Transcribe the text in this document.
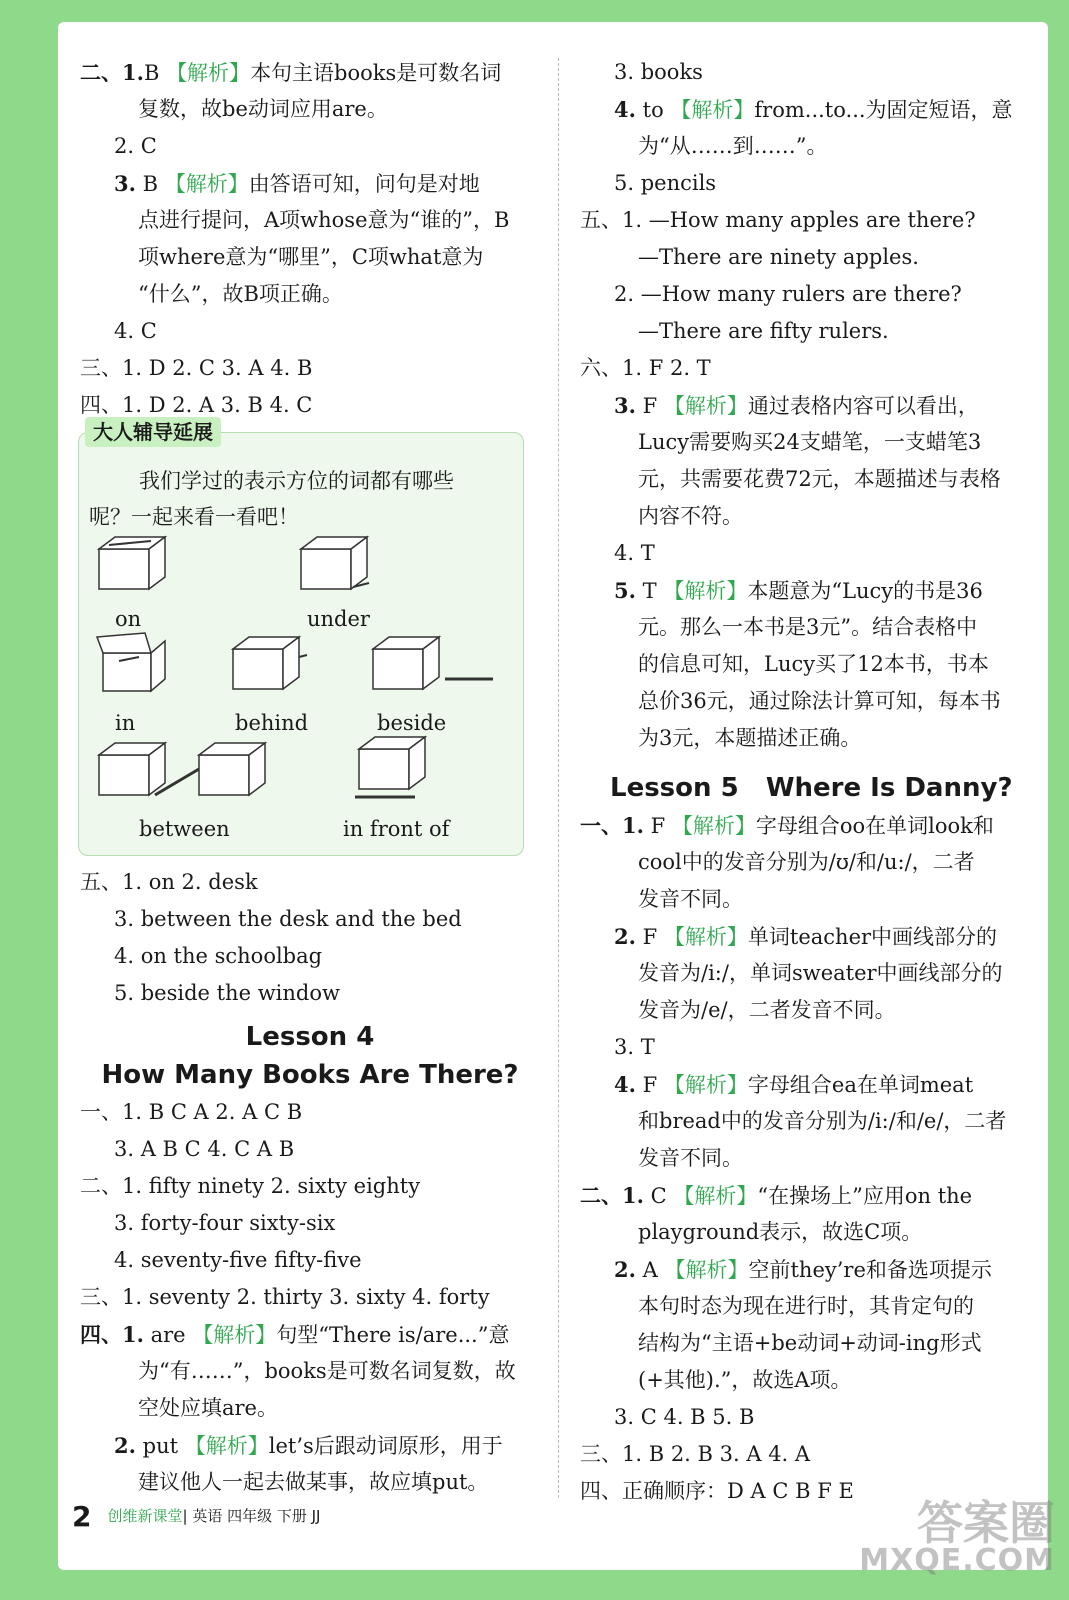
二、1.B 【解析】本句主语books是可数名词
复数，故be动词应用are。
2. C
3. B 【解析】由答语可知，问句是对地
点进行提问，A项whose意为“谁的”，B
项where意为“哪里”，C项what意为
“什么”，故B项正确。
4. C
三、1. D 2. C 3. A 4. B
四、1. D 2. A 3. B 4. C
大人辅导延展
我们学过的表示方位的词都有哪些
呢？一起来看一看吧！
on	under
in	behind	beside
between	in front of
五、1. on 2. desk
3. between the desk and the bed
4. on the schoolbag
5. beside the window
Lesson 4
How Many Books Are There?
一、1. B C A 2. A C B
3. A B C 4. C A B
二、1. fifty ninety 2. sixty eighty
3. forty-four sixty-six
4. seventy-five fifty-five
三、1. seventy 2. thirty 3. sixty 4. forty
四、1. are 【解析】句型“There is/are...”意
为“有……”，books是可数名词复数，故
空处应填are。
2. put 【解析】let’s后跟动词原形，用于
建议他人一起去做某事，故应填put。
3. books
4. to 【解析】from...to...为固定短语，意
为“从……到……”。
5. pencils
五、1. —How many apples are there?
—There are ninety apples.
2. —How many rulers are there?
—There are fifty rulers.
六、1. F 2. T
3. F 【解析】通过表格内容可以看出，
Lucy需要购买24支蜡笔，一支蜡笔3
元，共需要花费72元，本题描述与表格
内容不符。
4. T
5. T 【解析】本题意为“Lucy的书是36
元。那么一本书是3元”。结合表格中
的信息可知，Lucy买了12本书，书本
总价36元，通过除法计算可知，每本书
为3元，本题描述正确。
Lesson 5   Where Is Danny?
一、1. F 【解析】字母组合oo在单词look和
cool中的发音分别为/ʊ/和/u:/，二者
发音不同。
2. F 【解析】单词teacher中画线部分的
发音为/i:/，单词sweater中画线部分的
发音为/e/，二者发音不同。
3. T
4. F 【解析】字母组合ea在单词meat
和bread中的发音分别为/i:/和/e/，二者
发音不同。
二、1. C 【解析】“在操场上”应用on the
playground表示，故选C项。
2. A 【解析】空前they’re和备选项提示
本句时态为现在进行时，其肯定句的
结构为“主语+be动词+动词-ing形式
(+其他).”，故选A项。
3. C 4. B 5. B
三、1. B 2. B 3. A 4. A
四、正确顺序：D A C B F E
2 创维新课堂| 英语 四年级 下册 JJ	答案圈
MXQE.COM
